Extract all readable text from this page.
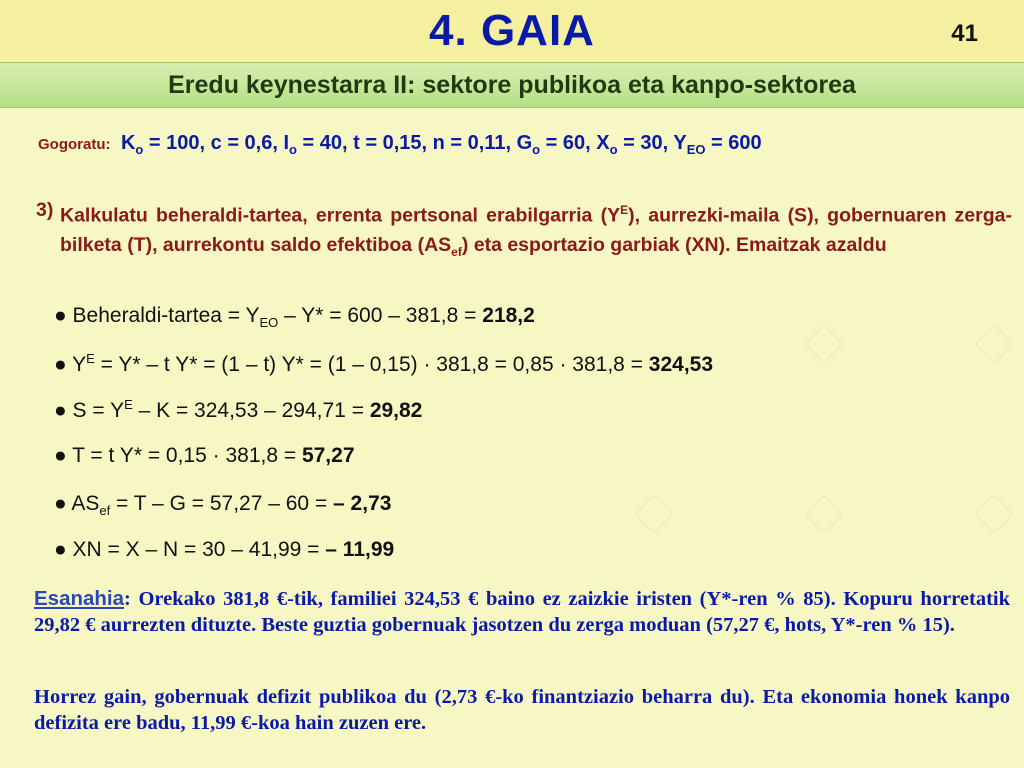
4. GAIA	41
Eredu keynestarra II: sektore publikoa eta kanpo-sektorea
Gogoratu: $K_o = 100$, c = 0,6, $I_o = 40$, t = 0,15, n = 0,11, $G_o = 60$, $X_o = 30$, $Y_{EO} = 600$
3) Kalkulatu beheraldi-tartea, errenta pertsonal erabilgarria $(Y^E)$, aurrezki-maila (S), gobernuaren zerga-bilketa (T), aurrekontu saldo efektiboa $(AS_{ef})$ eta esportazio garbiak (XN). Emaitzak azaldu
● Beheraldi-tartea = $Y_{EO} - Y* = 600 - 381,8 = 218,2$
● $Y^E = Y* - t$ Y* = (1 – t) Y* = (1 – 0,15) · 381,8 = 0,85 · 381,8 = 324,53
● $S = Y^E - K = 324,53 - 294,71 = 29,82$
● T = t Y* = 0,15 · 381,8 = 57,27
● $AS_{ef} = T - G = 57,27 - 60$ = – 2,73
● XN = X – N = 30 – 41,99 = – 11,99
Esanahia: Orekako 381,8 €-tik, familiei 324,53 € baino ez zaizkie iristen (Y*-ren % 85). Kopuru horretatik 29,82 € aurrezten dituzte. Beste guztia gobernuak jasotzen du zerga moduan (57,27 €, hots, Y*-ren % 15).
Horrez gain, gobernuak defizit publikoa du (2,73 €-ko finantziazio beharra du). Eta ekonomia honek kanpo defizita ere badu, 11,99 €-koa hain zuzen ere.
